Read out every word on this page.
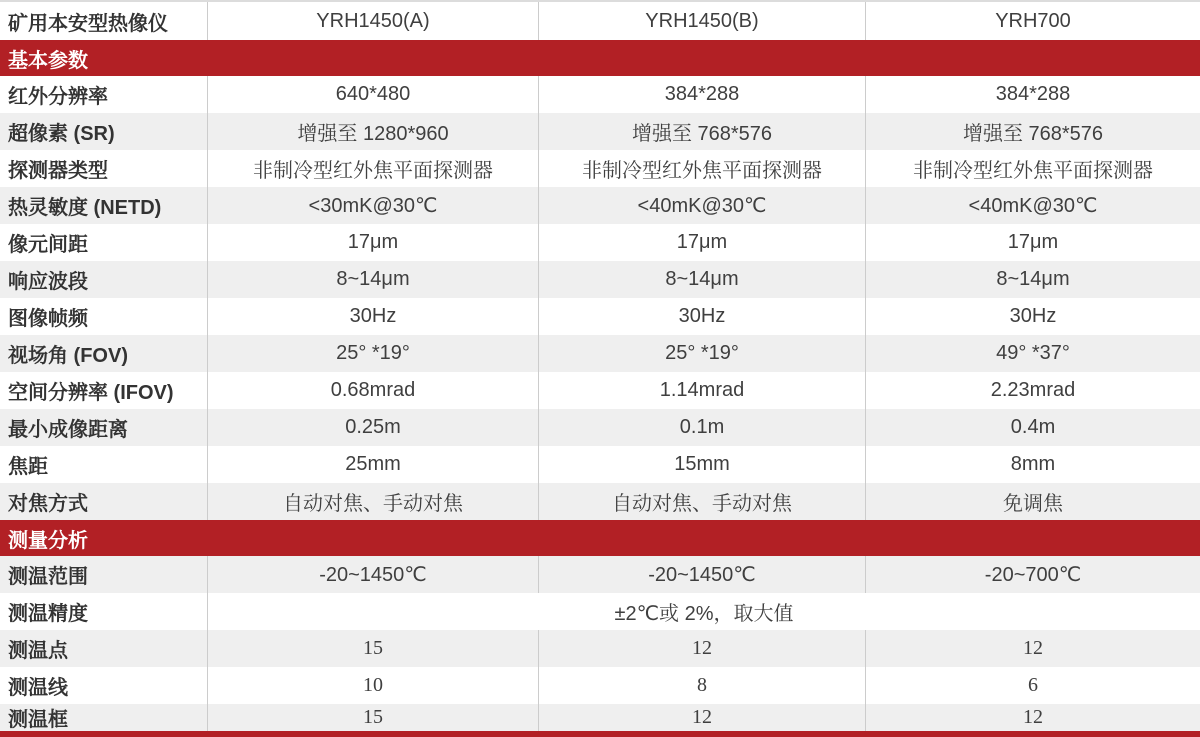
矿用本安型热像仪	YRH1450(A)	YRH1450(B)	YRH700
基本参数
红外分辨率	640*480	384*288	384*288
超像素 (SR)	增强至 1280*960	增强至 768*576	增强至 768*576
探测器类型	非制冷型红外焦平面探测器	非制冷型红外焦平面探测器	非制冷型红外焦平面探测器
热灵敏度 (NETD)	<30mK@30℃	<40mK@30℃	<40mK@30℃
像元间距	17μm	17μm	17μm
响应波段	8~14μm	8~14μm	8~14μm
图像帧频	30Hz	30Hz	30Hz
视场角 (FOV)	25° *19°	25° *19°	49° *37°
空间分辨率 (IFOV)	0.68mrad	1.14mrad	2.23mrad
最小成像距离	0.25m	0.1m	0.4m
焦距	25mm	15mm	8mm
对焦方式	自动对焦、手动对焦	自动对焦、手动对焦	免调焦
测量分析
测温范围	-20~1450℃	-20~1450℃	-20~700℃
测温精度	±2℃或 2%，取大值
测温点	15	12	12
测温线	10	8	6
测温框	15	12	12
